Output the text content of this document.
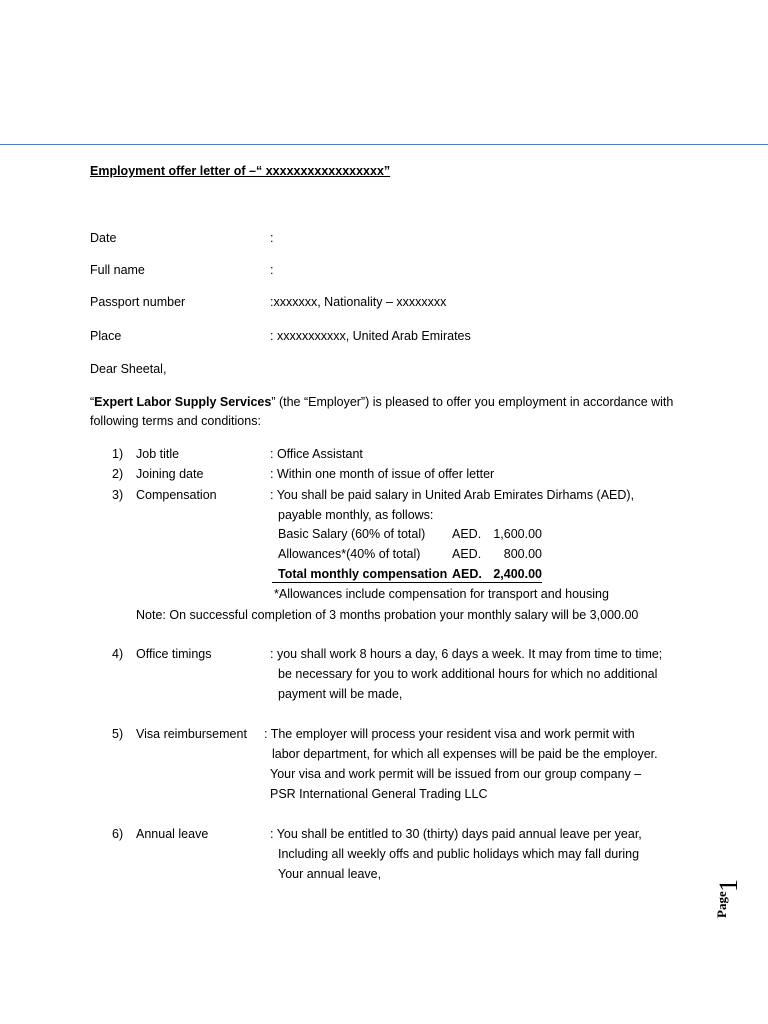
Employment offer letter of –“ xxxxxxxxxxxxxxxxx”
Date	:
Full name	:
Passport number	:xxxxxxx, Nationality – xxxxxxxx
Place	: xxxxxxxxxxx, United Arab Emirates
Dear Sheetal,
“Expert Labor Supply Services” (the “Employer”) is pleased to offer you employment in accordance with
following terms and conditions:
1) Job title	: Office Assistant
2) Joining date	: Within one month of issue of offer letter
3) Compensation	: You shall be paid salary in United Arab Emirates Dirhams (AED),
payable monthly, as follows:
Basic Salary (60% of total) AED. 1,600.00
Allowances*(40% of total)	AED.	800.00
Total monthly compensation AED. 2,400.00
*Allowances include compensation for transport and housing
Note: On successful completion of 3 months probation your monthly salary will be 3,000.00
4) Office timings	: you shall work 8 hours a day, 6 days a week. It may from time to time;
be necessary for you to work additional hours for which no additional
payment will be made,
5) Visa reimbursement : The employer will process your resident visa and work permit with
labor department, for which all expenses will be paid be the employer.
Your visa and work permit will be issued from our group company –
PSR International General Trading LLC
6) Annual leave	: You shall be entitled to 30 (thirty) days paid annual leave per year,
Including all weekly offs and public holidays which may fall during
Your annual leave,
1
Page
